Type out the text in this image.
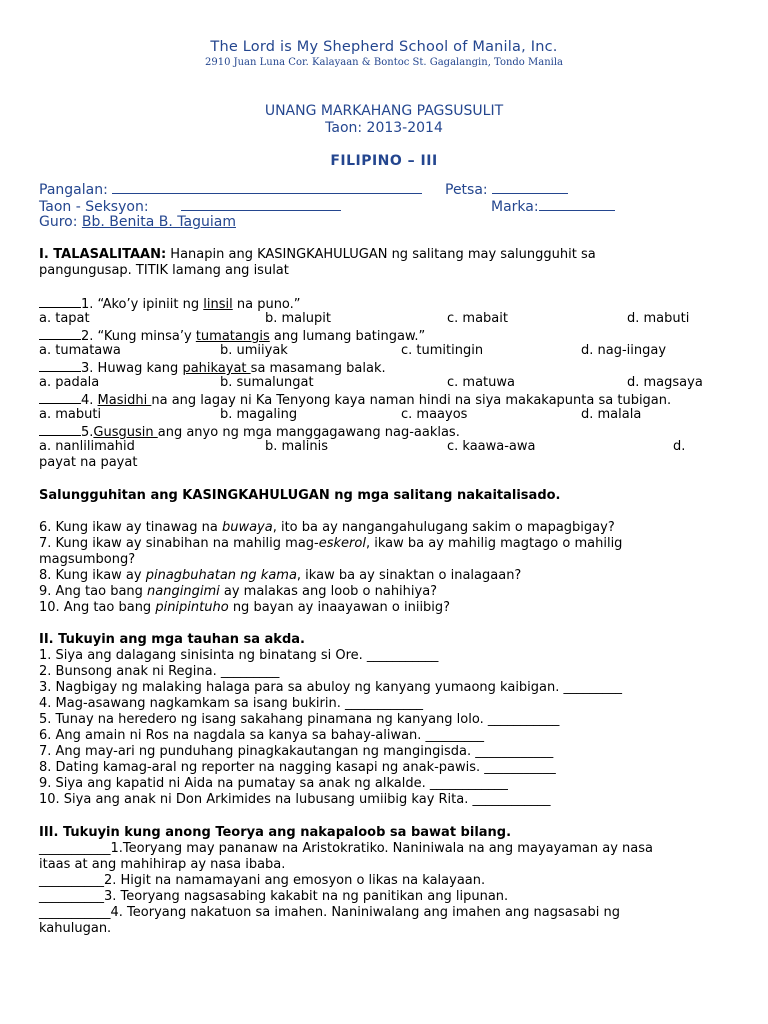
The Lord is My Shepherd School of Manila, Inc.
2910 Juan Luna Cor. Kalayaan & Bontoc St. Gagalangin, Tondo Manila
UNANG MARKAHANG PAGSUSULIT
Taon: 2013-2014
FILIPINO – III
Pangalan:	Petsa:
Taon - Seksyon:	Marka:
Guro: Bb. Benita B. Taguiam
I. TALASALITAAN: Hanapin ang KASINGKAHULUGAN ng salitang may salungguhit sa
pangungusap. TITIK lamang ang isulat
1. “Ako’y ipiniit ng linsil na puno.”
a. tapat	b. malupit	c. mabait	d. mabuti
2. “Kung minsa’y tumatangis ang lumang batingaw.”
a. tumatawa	b. umiiyak	c. tumitingin	d. nag-iingay
3. Huwag kang pahikayat sa masamang balak.
a. padala	b. sumalungat	c. matuwa	d. magsaya
4. Masidhi na ang lagay ni Ka Tenyong kaya naman hindi na siya makakapunta sa tubigan.
a. mabuti	b. magaling	c. maayos	d. malala
5.Gusgusin ang anyo ng mga manggagawang nag-aaklas.
a. nanlilimahid	b. malinis	c. kaawa-awa	d.
payat na payat
Salungguhitan ang KASINGKAHULUGAN ng mga salitang nakaitalisado.
6. Kung ikaw ay tinawag na buwaya, ito ba ay nangangahulugang sakim o mapagbigay?
7. Kung ikaw ay sinabihan na mahilig mag-eskerol, ikaw ba ay mahilig magtago o mahilig
magsumbong?
8. Kung ikaw ay pinagbuhatan ng kama, ikaw ba ay sinaktan o inalagaan?
9. Ang tao bang nangingimi ay malakas ang loob o nahihiya?
10. Ang tao bang pinipintuho ng bayan ay inaayawan o iniibig?
II. Tukuyin ang mga tauhan sa akda.
1. Siya ang dalagang sinisinta ng binatang si Ore. ___________
2. Bunsong anak ni Regina. _________
3. Nagbigay ng malaking halaga para sa abuloy ng kanyang yumaong kaibigan. _________
4. Mag-asawang nagkamkam sa isang bukirin. ____________
5. Tunay na heredero ng isang sakahang pinamana ng kanyang lolo. ___________
6. Ang amain ni Ros na nagdala sa kanya sa bahay-aliwan. _________
7. Ang may-ari ng punduhang pinagkakautangan ng mangingisda. ____________
8. Dating kamag-aral ng reporter na nagging kasapi ng anak-pawis. ___________
9. Siya ang kapatid ni Aida na pumatay sa anak ng alkalde. ____________
10. Siya ang anak ni Don Arkimides na lubusang umiibig kay Rita. ____________
III. Tukuyin kung anong Teorya ang nakapaloob sa bawat bilang.
___________1.Teoryang may pananaw na Aristokratiko. Naniniwala na ang mayayaman ay nasa
itaas at ang mahihirap ay nasa ibaba.
__________2. Higit na namamayani ang emosyon o likas na kalayaan.
__________3. Teoryang nagsasabing kakabit na ng panitikan ang lipunan.
___________4. Teoryang nakatuon sa imahen. Naniniwalang ang imahen ang nagsasabi ng
kahulugan.
